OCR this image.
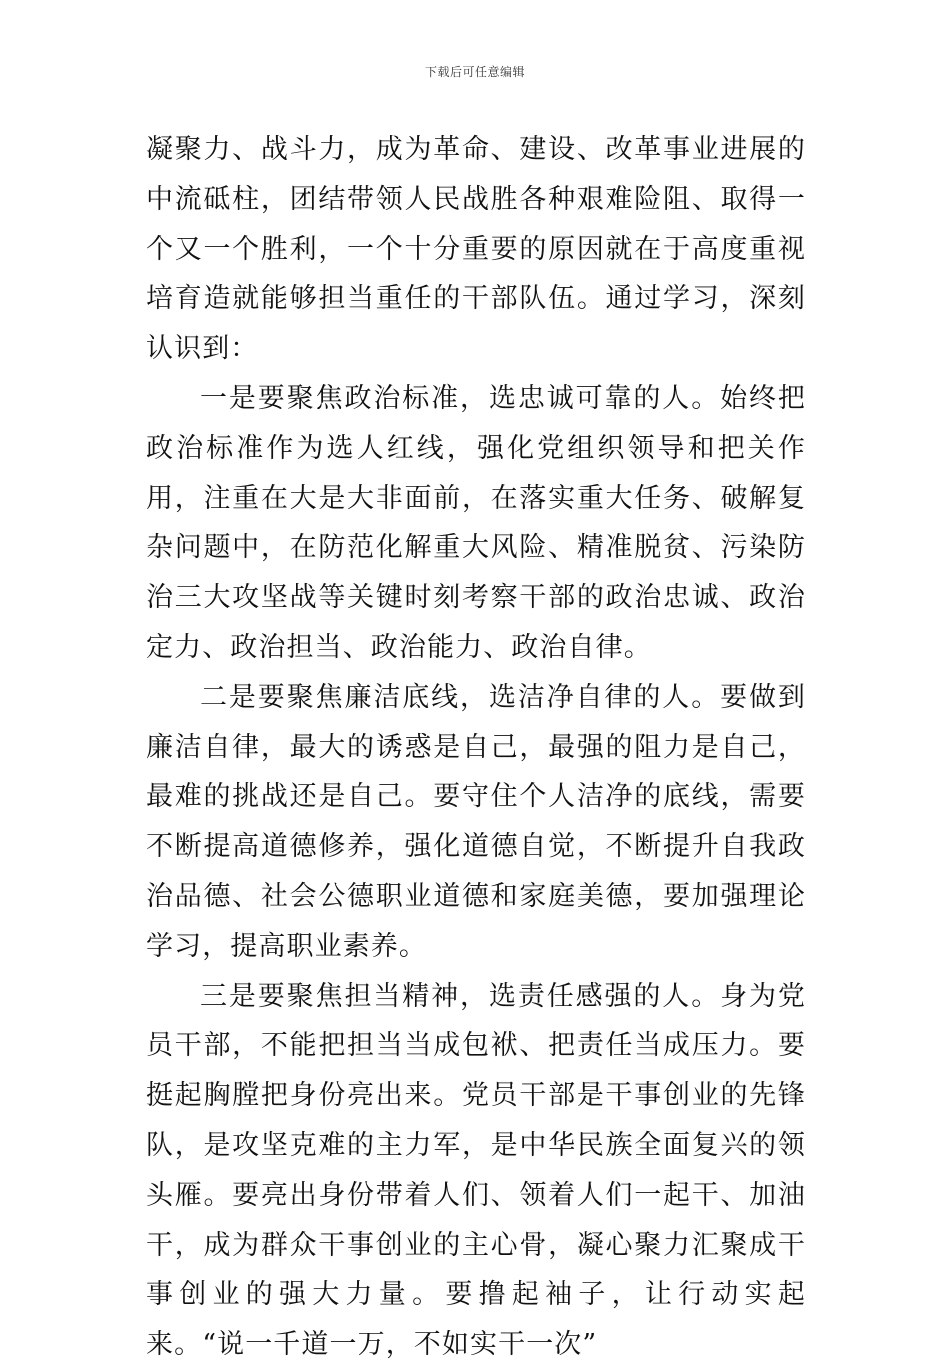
下载后可任意编辑

凝聚力、战斗力，成为革命、建设、改革事业进展的中流砥柱，团结带领人民战胜各种艰难险阻、取得一个又一个胜利，一个十分重要的原因就在于高度重视培育造就能够担当重任的干部队伍。通过学习，深刻认识到：

一是要聚焦政治标准，选忠诚可靠的人。始终把政治标准作为选人红线，强化党组织领导和把关作用，注重在大是大非面前，在落实重大任务、破解复杂问题中，在防范化解重大风险、精准脱贫、污染防治三大攻坚战等关键时刻考察干部的政治忠诚、政治定力、政治担当、政治能力、政治自律。

二是要聚焦廉洁底线，选洁净自律的人。要做到廉洁自律，最大的诱惑是自己，最强的阻力是自己，最难的挑战还是自己。要守住个人洁净的底线，需要不断提高道德修养，强化道德自觉，不断提升自我政治品德、社会公德职业道德和家庭美德，要加强理论学习，提高职业素养。

三是要聚焦担当精神，选责任感强的人。身为党员干部，不能把担当当成包袱、把责任当成压力。要挺起胸膛把身份亮出来。党员干部是干事创业的先锋队，是攻坚克难的主力军，是中华民族全面复兴的领头雁。要亮出身份带着人们、领着人们一起干、加油干，成为群众干事创业的主心骨，凝心聚力汇聚成干事创业的强大力量。要撸起袖子，让行动实起来。“说一千道一万，不如实干一次”
